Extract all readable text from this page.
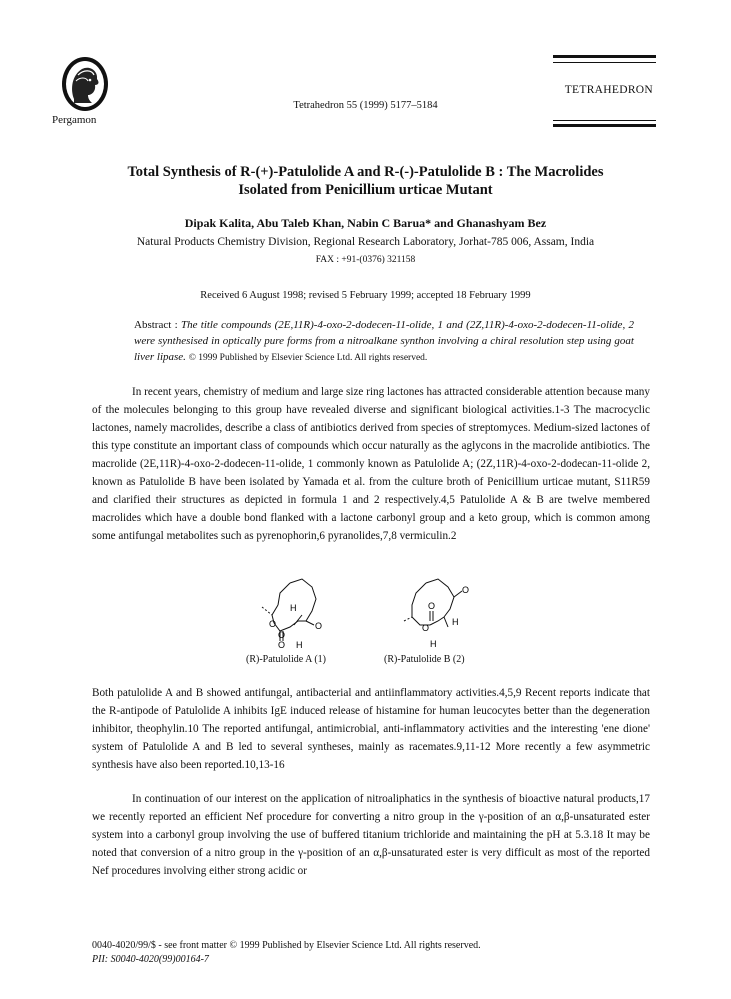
Pergamon
Tetrahedron 55 (1999) 5177–5184
TETRAHEDRON
Total Synthesis of R-(+)-Patulolide A and R-(-)-Patulolide B : The Macrolides
Isolated from Penicillium urticae Mutant
Dipak Kalita, Abu Taleb Khan, Nabin C Barua* and Ghanashyam Bez
Natural Products Chemistry Division, Regional Research Laboratory, Jorhat-785 006, Assam, India
FAX : +91-(0376) 321158
Received 6 August 1998; revised 5 February 1999; accepted 18 February 1999
Abstract : The title compounds (2E,11R)-4-oxo-2-dodecen-11-olide, 1 and (2Z,11R)-4-oxo-2-dodecen-11-olide, 2 were synthesised in optically pure forms from a nitroalkane synthon involving a chiral resolution step using goat liver lipase. © 1999 Published by Elsevier Science Ltd. All rights reserved.
In recent years, chemistry of medium and large size ring lactones has attracted considerable attention because many of the molecules belonging to this group have revealed diverse and significant biological activities.1-3 The macrocyclic lactones, namely macrolides, describe a class of antibiotics derived from species of streptomyces. Medium-sized lactones of this type constitute an important class of compounds which occur naturally as the aglycons in the macrolide antibiotics. The macrolide (2E,11R)-4-oxo-2-dodecen-11-olide, 1 commonly known as Patulolide A; (2Z,11R)-4-oxo-2-dodecan-11-olide 2, known as Patulolide B have been isolated by Yamada et al. from the culture broth of Penicillium urticae mutant, S11R59 and clarified their structures as depicted in formula 1 and 2 respectively.4,5 Patulolide A & B are twelve membered macrolides which have a double bond flanked with a lactone carbonyl group and a keto group, which is common among some antifungal metabolites such as pyrenophorin,6 pyranolides,7,8 vermiculin.2
O
O	O
O
H
H
O
O
O
H
H
(R)-Patulolide A (1)	(R)-Patulolide B (2)
Both patulolide A and B showed antifungal, antibacterial and antiinflammatory activities.4,5,9 Recent reports indicate that the R-antipode of Patulolide A inhibits IgE induced release of histamine for human leucocytes better than the degeneration inhibitor, theophylin.10 The reported antifungal, antimicrobial, anti-inflammatory activities and the interesting 'ene dione' system of Patulolide A and B led to several syntheses, mainly as racemates.9,11-12 More recently a few asymmetric synthesis have also been reported.10,13-16
In continuation of our interest on the application of nitroaliphatics in the synthesis of bioactive natural products,17 we recently reported an efficient Nef procedure for converting a nitro group in the γ-position of an α,β-unsaturated ester system into a carbonyl group involving the use of buffered titanium trichloride and maintaining the pH at 5.3.18 It may be noted that conversion of a nitro group in the γ-position of an α,β-unsaturated ester is very difficult as most of the reported Nef procedures involving either strong acidic or
0040-4020/99/$ - see front matter © 1999 Published by Elsevier Science Ltd. All rights reserved.
PII: S0040-4020(99)00164-7
